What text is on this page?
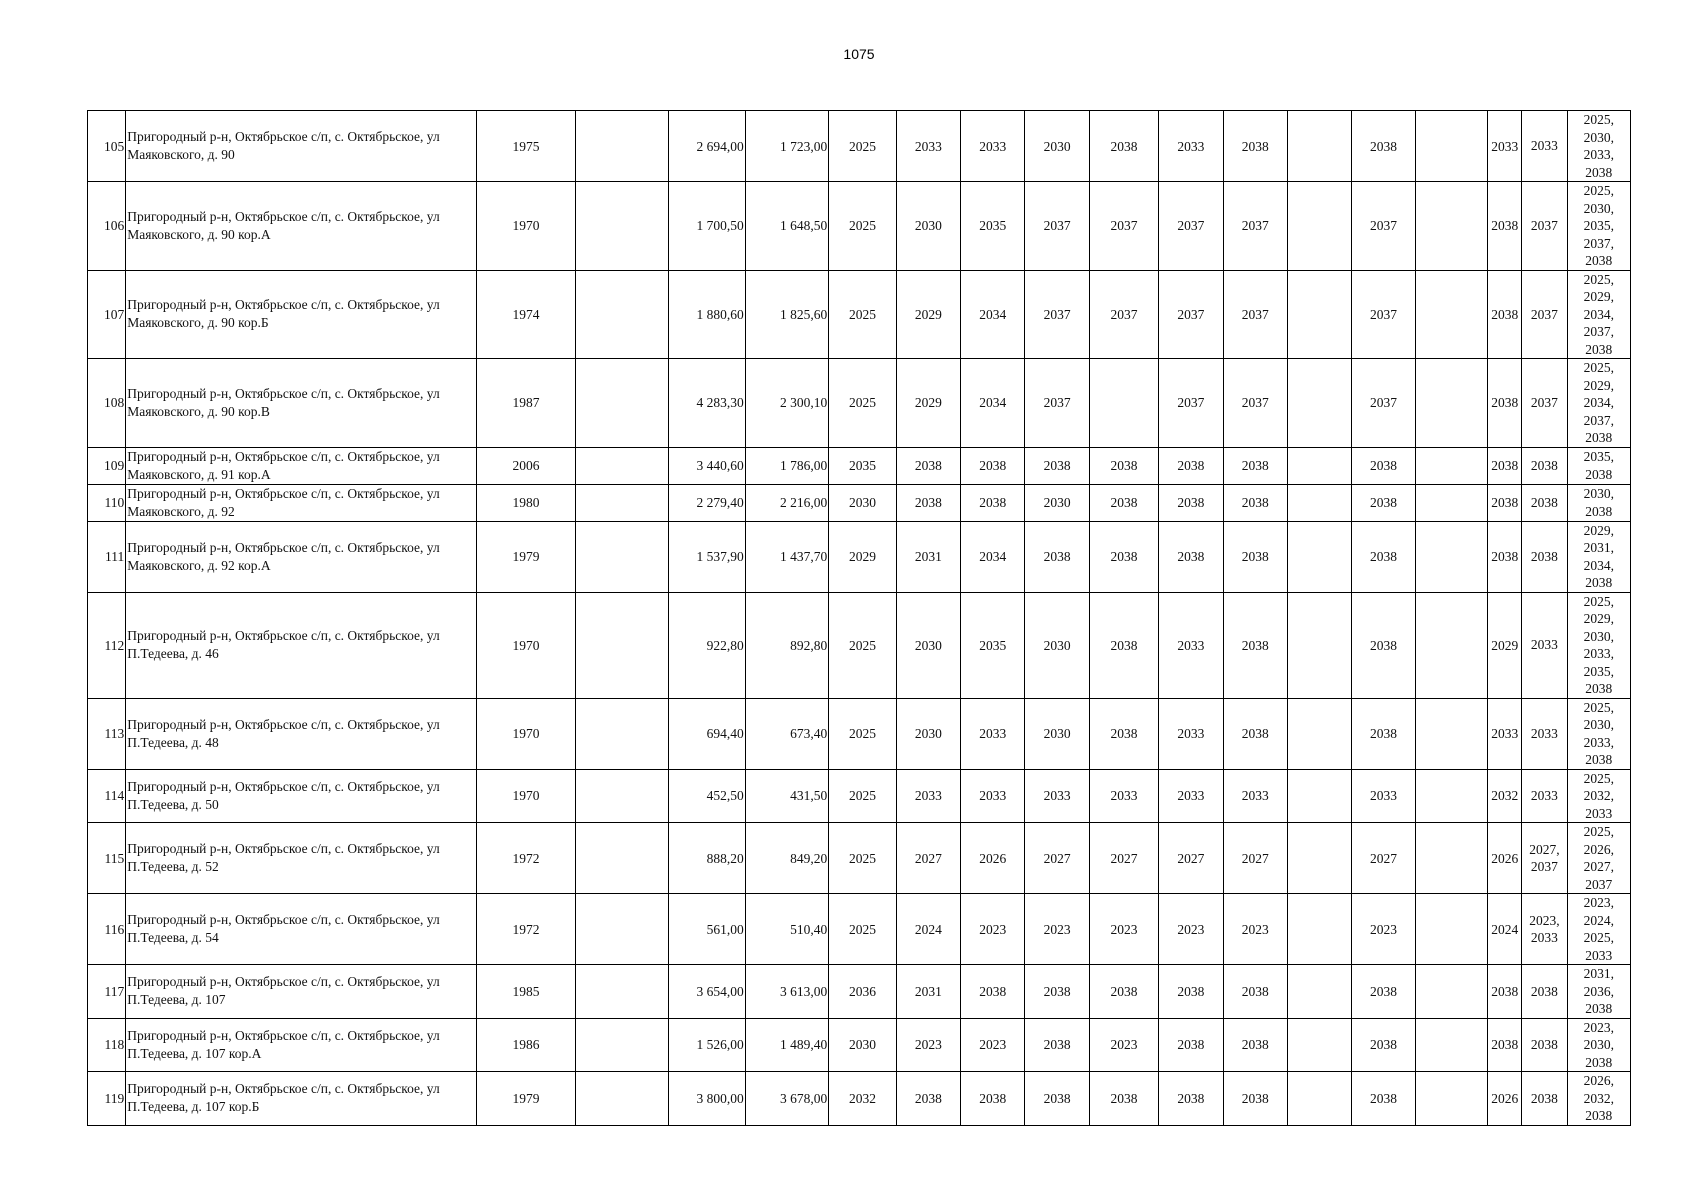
1075
105	Пригородный р-н, Октябрьское с/п, с. Октябрьское, ул Маяковского, д. 90	1975		2 694,00	1 723,00	2025	2033	2033	2030	2038	2033	2038		2038		2033	2033	2025, 2030, 2033, 2038
106	Пригородный р-н, Октябрьское с/п, с. Октябрьское, ул Маяковского, д. 90 кор.А	1970		1 700,50	1 648,50	2025	2030	2035	2037	2037	2037	2037		2037		2038	2037	2025, 2030, 2035, 2037, 2038
107	Пригородный р-н, Октябрьское с/п, с. Октябрьское, ул Маяковского, д. 90 кор.Б	1974		1 880,60	1 825,60	2025	2029	2034	2037	2037	2037	2037		2037		2038	2037	2025, 2029, 2034, 2037, 2038
108	Пригородный р-н, Октябрьское с/п, с. Октябрьское, ул Маяковского, д. 90 кор.В	1987		4 283,30	2 300,10	2025	2029	2034	2037		2037	2037		2037		2038	2037	2025, 2029, 2034, 2037, 2038
109	Пригородный р-н, Октябрьское с/п, с. Октябрьское, ул Маяковского, д. 91 кор.А	2006		3 440,60	1 786,00	2035	2038	2038	2038	2038	2038	2038		2038		2038	2038	2035, 2038
110	Пригородный р-н, Октябрьское с/п, с. Октябрьское, ул Маяковского, д. 92	1980		2 279,40	2 216,00	2030	2038	2038	2030	2038	2038	2038		2038		2038	2038	2030, 2038
111	Пригородный р-н, Октябрьское с/п, с. Октябрьское, ул Маяковского, д. 92 кор.А	1979		1 537,90	1 437,70	2029	2031	2034	2038	2038	2038	2038		2038		2038	2038	2029, 2031, 2034, 2038
112	Пригородный р-н, Октябрьское с/п, с. Октябрьское, ул П.Тедеева, д. 46	1970		922,80	892,80	2025	2030	2035	2030	2038	2033	2038		2038		2029	2033	2025, 2029, 2030, 2033, 2035, 2038
113	Пригородный р-н, Октябрьское с/п, с. Октябрьское, ул П.Тедеева, д. 48	1970		694,40	673,40	2025	2030	2033	2030	2038	2033	2038		2038		2033	2033	2025, 2030, 2033, 2038
114	Пригородный р-н, Октябрьское с/п, с. Октябрьское, ул П.Тедеева, д. 50	1970		452,50	431,50	2025	2033	2033	2033	2033	2033	2033		2033		2032	2033	2025, 2032, 2033
115	Пригородный р-н, Октябрьское с/п, с. Октябрьское, ул П.Тедеева, д. 52	1972		888,20	849,20	2025	2027	2026	2027	2027	2027	2027		2027		2026	2027, 2037	2025, 2026, 2027, 2037
116	Пригородный р-н, Октябрьское с/п, с. Октябрьское, ул П.Тедеева, д. 54	1972		561,00	510,40	2025	2024	2023	2023	2023	2023	2023		2023		2024	2023, 2033	2023, 2024, 2025, 2033
117	Пригородный р-н, Октябрьское с/п, с. Октябрьское, ул П.Тедеева, д. 107	1985		3 654,00	3 613,00	2036	2031	2038	2038	2038	2038	2038		2038		2038	2038	2031, 2036, 2038
118	Пригородный р-н, Октябрьское с/п, с. Октябрьское, ул П.Тедеева, д. 107 кор.А	1986		1 526,00	1 489,40	2030	2023	2023	2038	2023	2038	2038		2038		2038	2038	2023, 2030, 2038
119	Пригородный р-н, Октябрьское с/п, с. Октябрьское, ул П.Тедеева, д. 107 кор.Б	1979		3 800,00	3 678,00	2032	2038	2038	2038	2038	2038	2038		2038		2026	2038	2026, 2032, 2038
